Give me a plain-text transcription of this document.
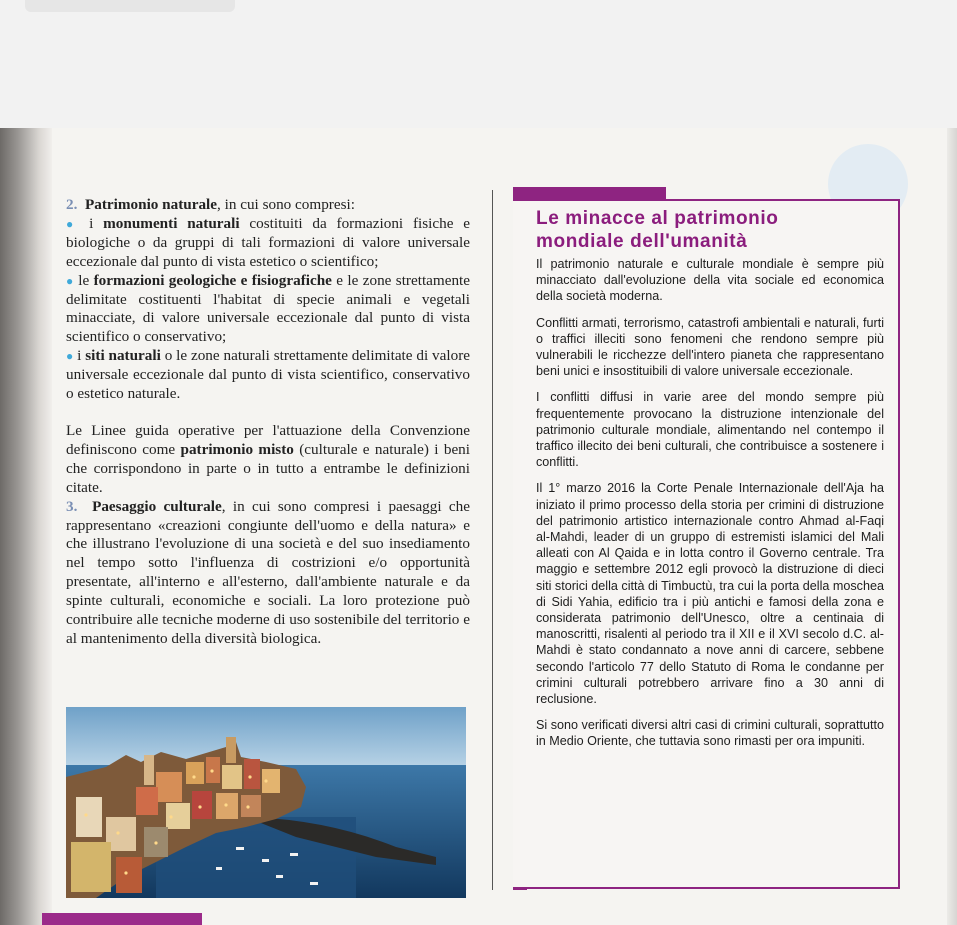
2. Patrimonio naturale, in cui sono compresi:

● i monumenti naturali costituiti da formazioni fisiche e biologiche o da gruppi di tali formazioni di valore universale eccezionale dal punto di vista estetico o scientifico;

● le formazioni geologiche e fisiografiche e le zone strettamente delimitate costituenti l'habitat di specie animali e vegetali minacciate, di valore universale eccezionale dal punto di vista scientifico o conservativo;

● i siti naturali o le zone naturali strettamente delimitate di valore universale eccezionale dal punto di vista scientifico, conservativo o estetico naturale.

Le Linee guida operative per l'attuazione della Convenzione definiscono come patrimonio misto (culturale e naturale) i beni che corrispondono in parte o in tutto a entrambe le definizioni citate.

3. Paesaggio culturale, in cui sono compresi i paesaggi che rappresentano «creazioni congiunte dell'uomo e della natura» e che illustrano l'evoluzione di una società e del suo insediamento nel tempo sotto l'influenza di costrizioni e/o opportunità presentate, all'interno e all'esterno, dall'ambiente naturale e da spinte culturali, economiche e sociali. La loro protezione può contribuire alle tecniche moderne di uso sostenibile del territorio e al mantenimento della diversità biologica.

Le minacce al patrimonio
mondiale dell'umanità

Il patrimonio naturale e culturale mondiale è sempre più minacciato dall'evoluzione della vita sociale ed economica della società moderna.

Conflitti armati, terrorismo, catastrofi ambientali e naturali, furti o traffici illeciti sono fenomeni che rendono sempre più vulnerabili le ricchezze dell'intero pianeta che rappresentano beni unici e insostituibili di valore universale eccezionale.

I conflitti diffusi in varie aree del mondo sempre più frequentemente provocano la distruzione intenzionale del patrimonio culturale mondiale, alimentando nel contempo il traffico illecito dei beni culturali, che contribuisce a sostenere i conflitti.

Il 1° marzo 2016 la Corte Penale Internazionale dell'Aja ha iniziato il primo processo della storia per crimini di distruzione del patrimonio artistico internazionale contro Ahmad al-Faqi al-Mahdi, leader di un gruppo di estremisti islamici del Mali alleati con Al Qaida e in lotta contro il Governo centrale. Tra maggio e settembre 2012 egli provocò la distruzione di dieci siti storici della città di Timbuctù, tra cui la porta della moschea di Sidi Yahia, edificio tra i più antichi e famosi della zona e considerata patrimonio dell'Unesco, oltre a centinaia di manoscritti, risalenti al periodo tra il XII e il XVI secolo d.C. al-Mahdi è stato condannato a nove anni di carcere, sebbene secondo l'articolo 77 dello Statuto di Roma le condanne per crimini culturali potrebbero arrivare fino a 30 anni di reclusione.

Si sono verificati diversi altri casi di crimini culturali, soprattutto in Medio Oriente, che tuttavia sono rimasti per ora impuniti.
